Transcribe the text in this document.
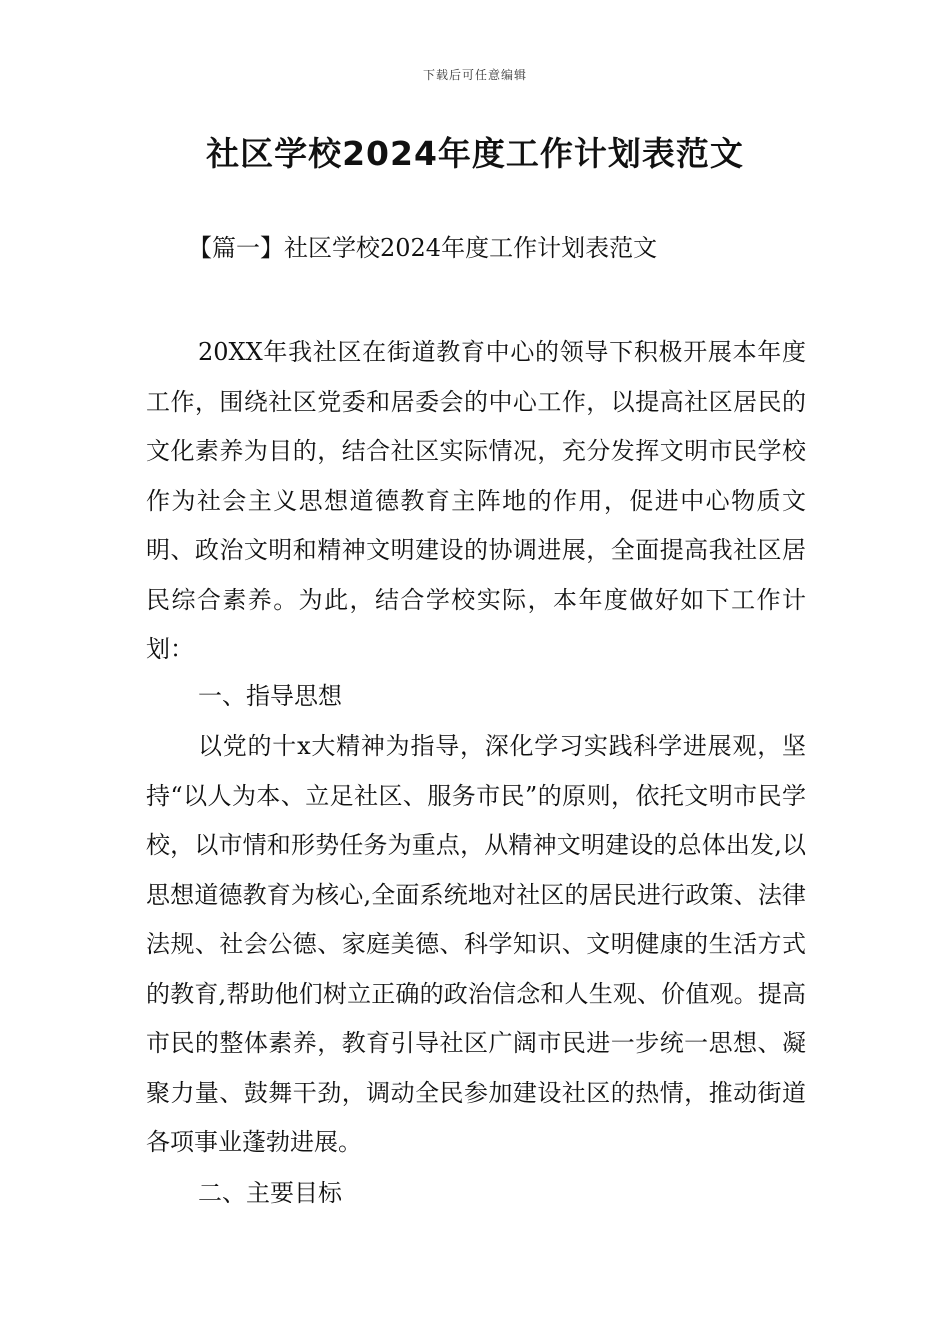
下载后可任意编辑
社区学校2024年度工作计划表范文

【篇一】社区学校2024年度工作计划表范文

20XX年我社区在街道教育中心的领导下积极开展本年度工作，围绕社区党委和居委会的中心工作，以提高社区居民的文化素养为目的，结合社区实际情况，充分发挥文明市民学校作为社会主义思想道德教育主阵地的作用，促进中心物质文明、政治文明和精神文明建设的协调进展，全面提高我社区居民综合素养。为此，结合学校实际，本年度做好如下工作计划：

一、指导思想

以党的十x大精神为指导，深化学习实践科学进展观，坚持“以人为本、立足社区、服务市民”的原则，依托文明市民学校，以市情和形势任务为重点，从精神文明建设的总体出发,以思想道德教育为核心,全面系统地对社区的居民进行政策、法律法规、社会公德、家庭美德、科学知识、文明健康的生活方式的教育,帮助他们树立正确的政治信念和人生观、价值观。提高市民的整体素养，教育引导社区广阔市民进一步统一思想、凝聚力量、鼓舞干劲，调动全民参加建设社区的热情，推动街道各项事业蓬勃进展。

二、主要目标
